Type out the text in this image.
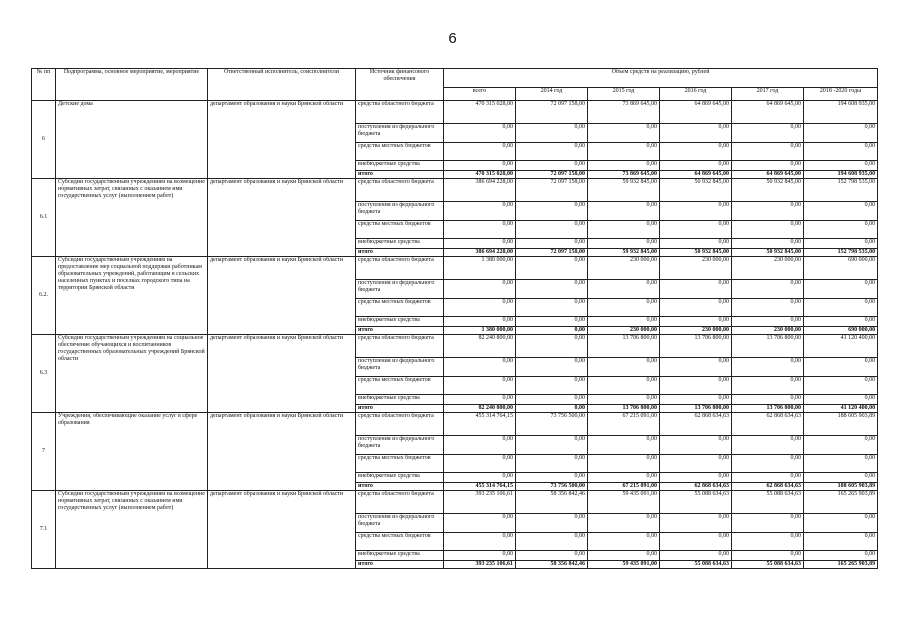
6
№ пп	Подпрограмма, основное мероприятие, мероприятие	Ответственный исполнитель, соисполнители	Источник финансового обеспечения	Объем средств на реализацию, рублей					
				всего	2014 год	2015 год	2016 год	2017 год	2018 -2020 годы
6	Детские дома	департамент образования и науки Брянской области	средства областного бюджета	470 315 028,00	72 097 158,00	73 869 645,00	64 869 645,00	64 869 645,00	194 608 935,00
			поступления из федерального бюджета	0,00	0,00	0,00	0,00	0,00	0,00
			средства местных бюджетов	0,00	0,00	0,00	0,00	0,00	0,00
			внебюджетные средства	0,00	0,00	0,00	0,00	0,00	0,00
			итого	470 315 028,00	72 097 158,00	73 869 645,00	64 869 645,00	64 869 645,00	194 608 935,00
6.1	Субсидии государственным учреждениям на возмещение нормативных затрат, связанных с оказанием ими государственных услуг (выполнением работ)	департамент образования и науки Брянской области	средства областного бюджета	386 694 228,00	72 097 158,00	59 932 845,00	50 932 845,00	50 932 845,00	152 798 535,00
			поступления из федерального бюджета	0,00	0,00	0,00	0,00	0,00	0,00
			средства местных бюджетов	0,00	0,00	0,00	0,00	0,00	0,00
			внебюджетные средства	0,00	0,00	0,00	0,00	0,00	0,00
			итого	386 694 228,00	72 097 158,00	59 932 845,00	50 932 845,00	50 932 845,00	152 798 535,00
6.2.	Субсидии государственным учреждениям на предоставление мер социальной поддержки работникам образовательных учреждений, работающим в сельских населенных пунктах и поселках городского типа на территории Брянской области	департамент образования и науки Брянской области	средства областного бюджета	1 380 000,00	0,00	230 000,00	230 000,00	230 000,00	690 000,00
			поступления из федерального бюджета	0,00	0,00	0,00	0,00	0,00	0,00
			средства местных бюджетов	0,00	0,00	0,00	0,00	0,00	0,00
			внебюджетные средства	0,00	0,00	0,00	0,00	0,00	0,00
			итого	1 380 000,00	0,00	230 000,00	230 000,00	230 000,00	690 000,00
6.3	Субсидии государственным учреждениям на социальное обеспечение обучающихся и воспитанников государственных образовательных учреждений Брянской области	департамент образования и науки Брянской области	средства областного бюджета	82 240 800,00	0,00	13 706 800,00	13 706 800,00	13 706 800,00	41 120 400,00
			поступления из федерального бюджета	0,00	0,00	0,00	0,00	0,00	0,00
			средства местных бюджетов	0,00	0,00	0,00	0,00	0,00	0,00
			внебюджетные средства	0,00	0,00	0,00	0,00	0,00	0,00
			итого	82 240 800,00	0,00	13 706 800,00	13 706 800,00	13 706 800,00	41 120 400,00
7	Учреждения, обеспечивающие оказание услуг в сфере образования	департамент образования и науки Брянской области	средства областного бюджета	455 314 764,15	73 756 500,00	67 215 091,00	62 868 634,63	62 868 634,63	188 605 903,89
			поступления из федерального бюджета	0,00	0,00	0,00	0,00	0,00	0,00
			средства местных бюджетов	0,00	0,00	0,00	0,00	0,00	0,00
			внебюджетные средства	0,00	0,00	0,00	0,00	0,00	0,00
			итого	455 314 764,15	73 756 500,00	67 215 091,00	62 868 634,63	62 868 634,63	188 605 903,89
7.1	Субсидии государственным учреждениям на возмещение нормативных затрат, связанных с оказанием ими государственных услуг (выполнением работ)	департамент образования и науки Брянской области	средства областного бюджета	393 235 106,61	58 356 842,46	59 435 091,00	55 088 634,63	55 088 634,63	165 265 903,89
			поступления из федерального бюджета	0,00	0,00	0,00	0,00	0,00	0,00
			средства местных бюджетов	0,00	0,00	0,00	0,00	0,00	0,00
			внебюджетные средства	0,00	0,00	0,00	0,00	0,00	0,00
			итого	393 235 106,61	58 356 842,46	59 435 091,00	55 088 634,63	55 088 634,63	165 265 903,89
